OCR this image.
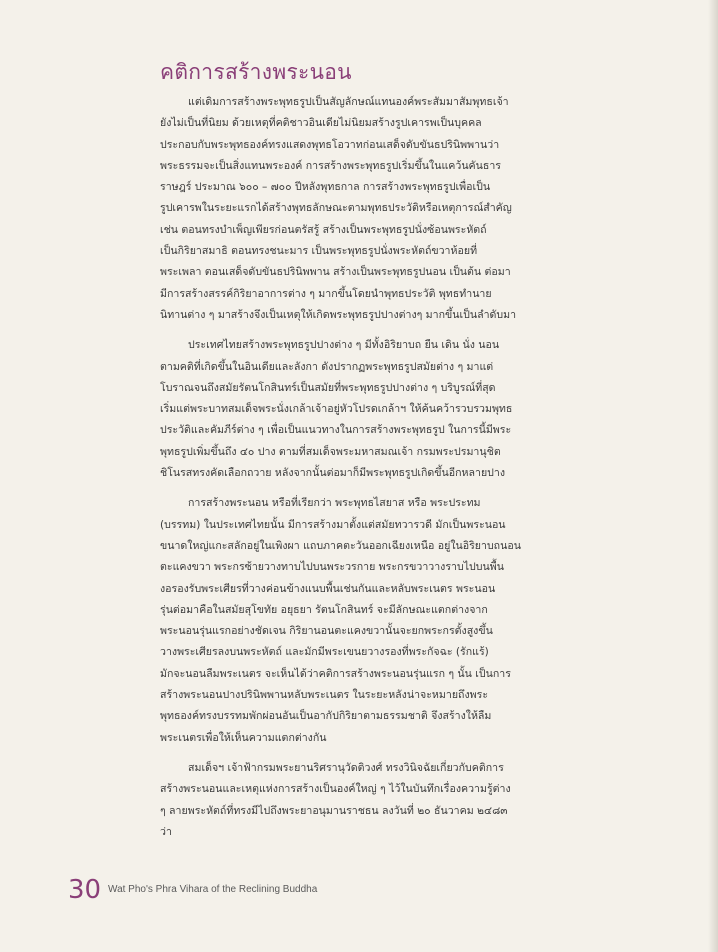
คติการสร้างพระนอน

แต่เดิมการสร้างพระพุทธรูปเป็นสัญลักษณ์แทนองค์พระสัมมาสัมพุทธเจ้า
ยังไม่เป็นที่นิยม ด้วยเหตุที่คติชาวอินเดียไม่นิยมสร้างรูปเคารพเป็นบุคคล
ประกอบกับพระพุทธองค์ทรงแสดงพุทธโอวาทก่อนเสด็จดับขันธปรินิพพานว่า
พระธรรมจะเป็นสิ่งแทนพระองค์ การสร้างพระพุทธรูปเริ่มขึ้นในแคว้นคันธาร
ราษฎร์ ประมาณ ๖๐๐ – ๗๐๐ ปีหลังพุทธกาล การสร้างพระพุทธรูปเพื่อเป็น
รูปเคารพในระยะแรกได้สร้างพุทธลักษณะตามพุทธประวัติหรือเหตุการณ์สำคัญ
เช่น ตอนทรงบำเพ็ญเพียรก่อนตรัสรู้ สร้างเป็นพระพุทธรูปนั่งซ้อนพระหัตถ์
เป็นกิริยาสมาธิ ตอนทรงชนะมาร เป็นพระพุทธรูปนั่งพระหัตถ์ขวาห้อยที่
พระเพลา ตอนเสด็จดับขันธปรินิพพาน สร้างเป็นพระพุทธรูปนอน เป็นต้น ต่อมา
มีการสร้างสรรค์กิริยาอาการต่าง ๆ มากขึ้นโดยนำพุทธประวัติ พุทธทำนาย
นิทานต่าง ๆ มาสร้างจึงเป็นเหตุให้เกิดพระพุทธรูปปางต่างๆ มากขึ้นเป็นลำดับมา

ประเทศไทยสร้างพระพุทธรูปปางต่าง ๆ มีทั้งอิริยาบถ ยืน เดิน นั่ง นอน
ตามคติที่เกิดขึ้นในอินเดียและลังกา ดังปรากฏพระพุทธรูปสมัยต่าง ๆ มาแต่
โบราณจนถึงสมัยรัตนโกสินทร์เป็นสมัยที่พระพุทธรูปปางต่าง ๆ บริบูรณ์ที่สุด
เริ่มแต่พระบาทสมเด็จพระนั่งเกล้าเจ้าอยู่หัวโปรดเกล้าฯ ให้ค้นคว้ารวบรวมพุทธ
ประวัติและคัมภีร์ต่าง ๆ เพื่อเป็นแนวทางในการสร้างพระพุทธรูป ในการนี้มีพระ
พุทธรูปเพิ่มขึ้นถึง ๔๐ ปาง ตามที่สมเด็จพระมหาสมณเจ้า กรมพระปรมานุชิต
ชิโนรสทรงคัดเลือกถวาย หลังจากนั้นต่อมาก็มีพระพุทธรูปเกิดขึ้นอีกหลายปาง

การสร้างพระนอน หรือที่เรียกว่า พระพุทธไสยาส หรือ พระประทม
(บรรทม) ในประเทศไทยนั้น มีการสร้างมาตั้งแต่สมัยทวารวดี มักเป็นพระนอน
ขนาดใหญ่แกะสลักอยู่ในเพิงผา แถบภาคตะวันออกเฉียงเหนือ อยู่ในอิริยาบถนอน
ตะแคงขวา พระกรซ้ายวางทาบไปบนพระวรกาย พระกรขวาวางราบไปบนพื้น
งอรองรับพระเศียรที่วางค่อนข้างแนบพื้นเช่นกันและหลับพระเนตร พระนอน
รุ่นต่อมาคือในสมัยสุโขทัย อยุธยา รัตนโกสินทร์ จะมีลักษณะแตกต่างจาก
พระนอนรุ่นแรกอย่างชัดเจน กิริยานอนตะแคงขวานั้นจะยกพระกรตั้งสูงขึ้น
วางพระเศียรลงบนพระหัตถ์ และมักมีพระเขนยวางรองที่พระกัจฉะ (รักแร้)
มักจะนอนลืมพระเนตร จะเห็นได้ว่าคติการสร้างพระนอนรุ่นแรก ๆ นั้น เป็นการ
สร้างพระนอนปางปรินิพพานหลับพระเนตร ในระยะหลังน่าจะหมายถึงพระ
พุทธองค์ทรงบรรทมพักผ่อนอันเป็นอากัปกิริยาตามธรรมชาติ จึงสร้างให้ลืม
พระเนตรเพื่อให้เห็นความแตกต่างกัน

สมเด็จฯ เจ้าฟ้ากรมพระยานริศรานุวัดติวงศ์ ทรงวินิจฉัยเกี่ยวกับคติการ
สร้างพระนอนและเหตุแห่งการสร้างเป็นองค์ใหญ่ ๆ ไว้ในบันทึกเรื่องความรู้ต่าง
ๆ ลายพระหัตถ์ที่ทรงมีไปถึงพระยาอนุมานราชธน ลงวันที่ ๒๐ ธันวาคม ๒๔๘๓
ว่า

30 Wat Pho's Phra Vihara of the Reclining Buddha
